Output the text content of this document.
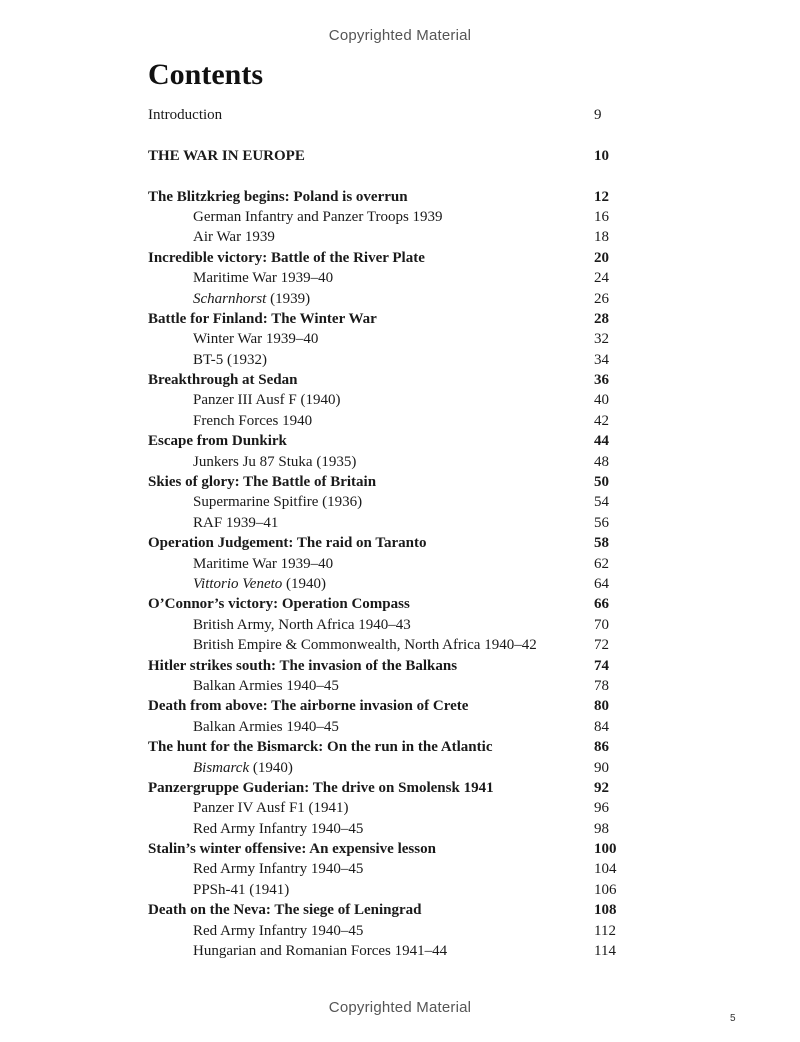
Copyrighted Material
Contents
Introduction	9
THE WAR IN EUROPE	10
The Blitzkrieg begins: Poland is overrun	12
German Infantry and Panzer Troops 1939	16
Air War 1939	18
Incredible victory: Battle of the River Plate	20
Maritime War 1939–40	24
Scharnhorst (1939)	26
Battle for Finland: The Winter War	28
Winter War 1939–40	32
BT-5 (1932)	34
Breakthrough at Sedan	36
Panzer III Ausf F (1940)	40
French Forces 1940	42
Escape from Dunkirk	44
Junkers Ju 87 Stuka (1935)	48
Skies of glory: The Battle of Britain	50
Supermarine Spitfire (1936)	54
RAF 1939–41	56
Operation Judgement: The raid on Taranto	58
Maritime War 1939–40	62
Vittorio Veneto (1940)	64
O’Connor’s victory: Operation Compass	66
British Army, North Africa 1940–43	70
British Empire & Commonwealth, North Africa 1940–42	72
Hitler strikes south: The invasion of the Balkans	74
Balkan Armies 1940–45	78
Death from above: The airborne invasion of Crete	80
Balkan Armies 1940–45	84
The hunt for the Bismarck: On the run in the Atlantic	86
Bismarck (1940)	90
Panzergruppe Guderian: The drive on Smolensk 1941	92
Panzer IV Ausf F1 (1941)	96
Red Army Infantry 1940–45	98
Stalin’s winter offensive: An expensive lesson	100
Red Army Infantry 1940–45	104
PPSh-41 (1941)	106
Death on the Neva: The siege of Leningrad	108
Red Army Infantry 1940–45	112
Hungarian and Romanian Forces 1941–44	114
Copyrighted Material
5
